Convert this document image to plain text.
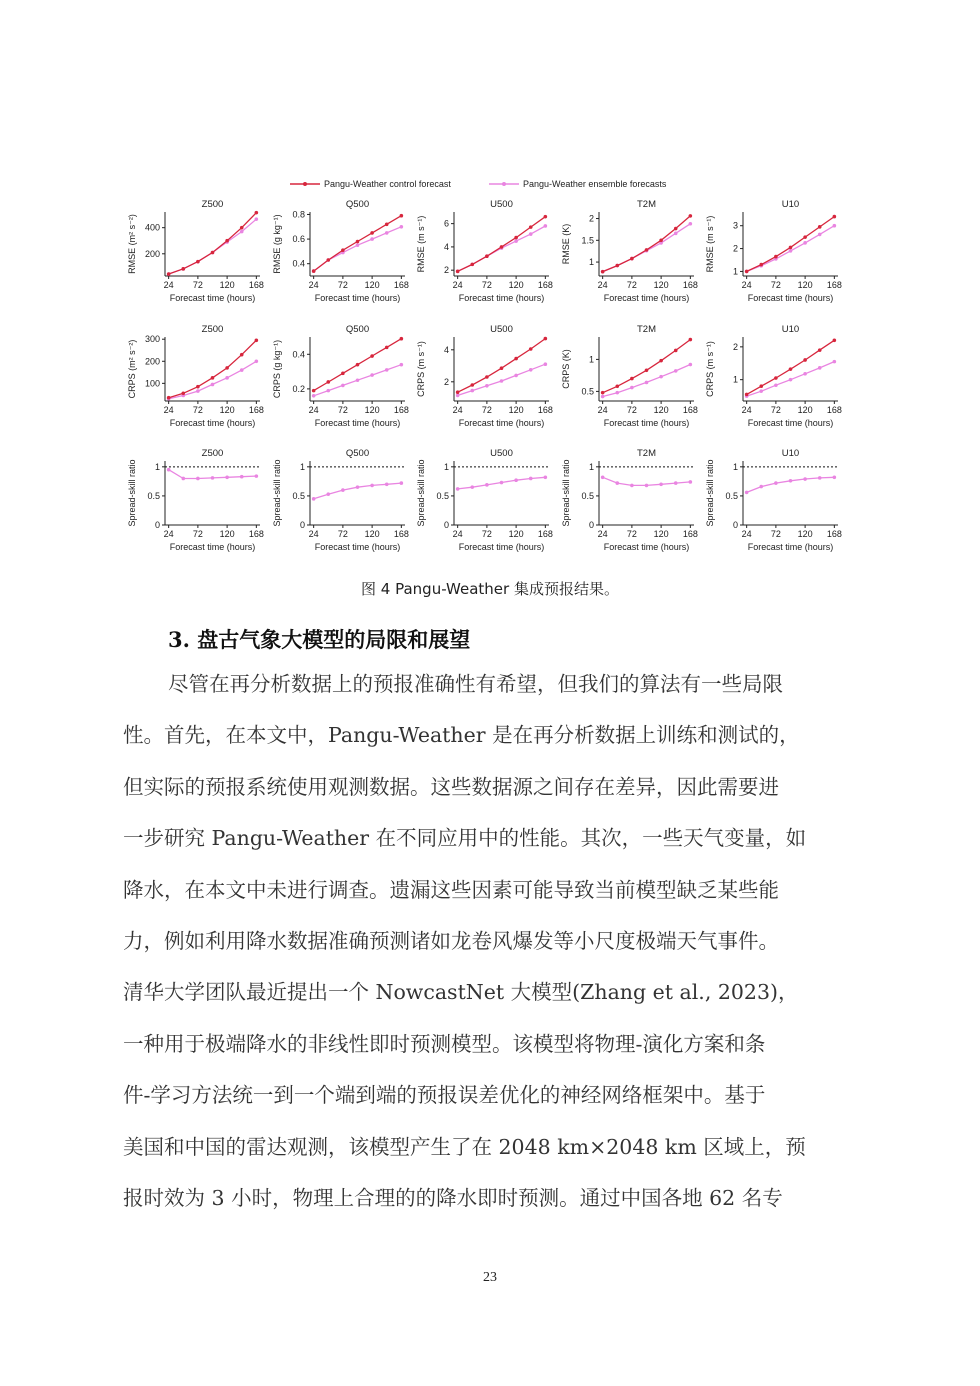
Pangu-Weather control forecast	Pangu-Weather ensemble forecasts
Z500
24 72 120 168
200
400
Forecast time (hours)
RMSE (m² s⁻²)
Q500
24 72 120 168
0.4
0.6
0.8
Forecast time (hours)
RMSE (g kg⁻¹)
U500
24 72 120 168
2
4
6
Forecast time (hours)
RMSE (m s⁻¹)
T2M
24 72 120 168
1
1.5
2
Forecast time (hours)
RMSE (K)
U10
24 72 120 168
1
2
3
Forecast time (hours)
RMSE (m s⁻¹)
Z500
24 72 120 168
100
200
300
Forecast time (hours)
CRPS (m² s⁻²)
Q500
24 72 120 168
0.2
0.4
Forecast time (hours)
CRPS (g kg⁻¹)
U500
24 72 120 168
2
4
Forecast time (hours)
CRPS (m s⁻¹)
T2M
24 72 120 168
0.5
1
Forecast time (hours)
CRPS (K)
U10
24 72 120 168
1
2
Forecast time (hours)
CRPS (m s⁻¹)
Z500
24 72 120 168
0
0.5
1
Forecast time (hours)
Spread-skill ratio
Q500
24 72 120 168
0
0.5
1
Forecast time (hours)
Spread-skill ratio
U500
24 72 120 168
0
0.5
1
Forecast time (hours)
Spread-skill ratio
T2M
24 72 120 168
0
0.5
1
Forecast time (hours)
Spread-skill ratio
U10
24 72 120 168
0
0.5
1
Forecast time (hours)
Spread-skill ratio
图 4 Pangu-Weather 集成预报结果。
3. 盘古气象大模型的局限和展望
尽管在再分析数据上的预报准确性有希望，但我们的算法有一些局限
性。首先，在本文中，Pangu-Weather 是在再分析数据上训练和测试的，
但实际的预报系统使用观测数据。这些数据源之间存在差异，因此需要进
一步研究 Pangu-Weather 在不同应用中的性能。其次，一些天气变量，如
降水，在本文中未进行调查。遗漏这些因素可能导致当前模型缺乏某些能
力，例如利用降水数据准确预测诸如龙卷风爆发等小尺度极端天气事件。
清华大学团队最近提出一个 NowcastNet 大模型(Zhang et al., 2023)，
一种用于极端降水的非线性即时预测模型。该模型将物理-演化方案和条
件-学习方法统一到一个端到端的预报误差优化的神经网络框架中。基于
美国和中国的雷达观测，该模型产生了在 2048 km×2048 km 区域上，预
报时效为 3 小时，物理上合理的的降水即时预测。通过中国各地 62 名专
23
